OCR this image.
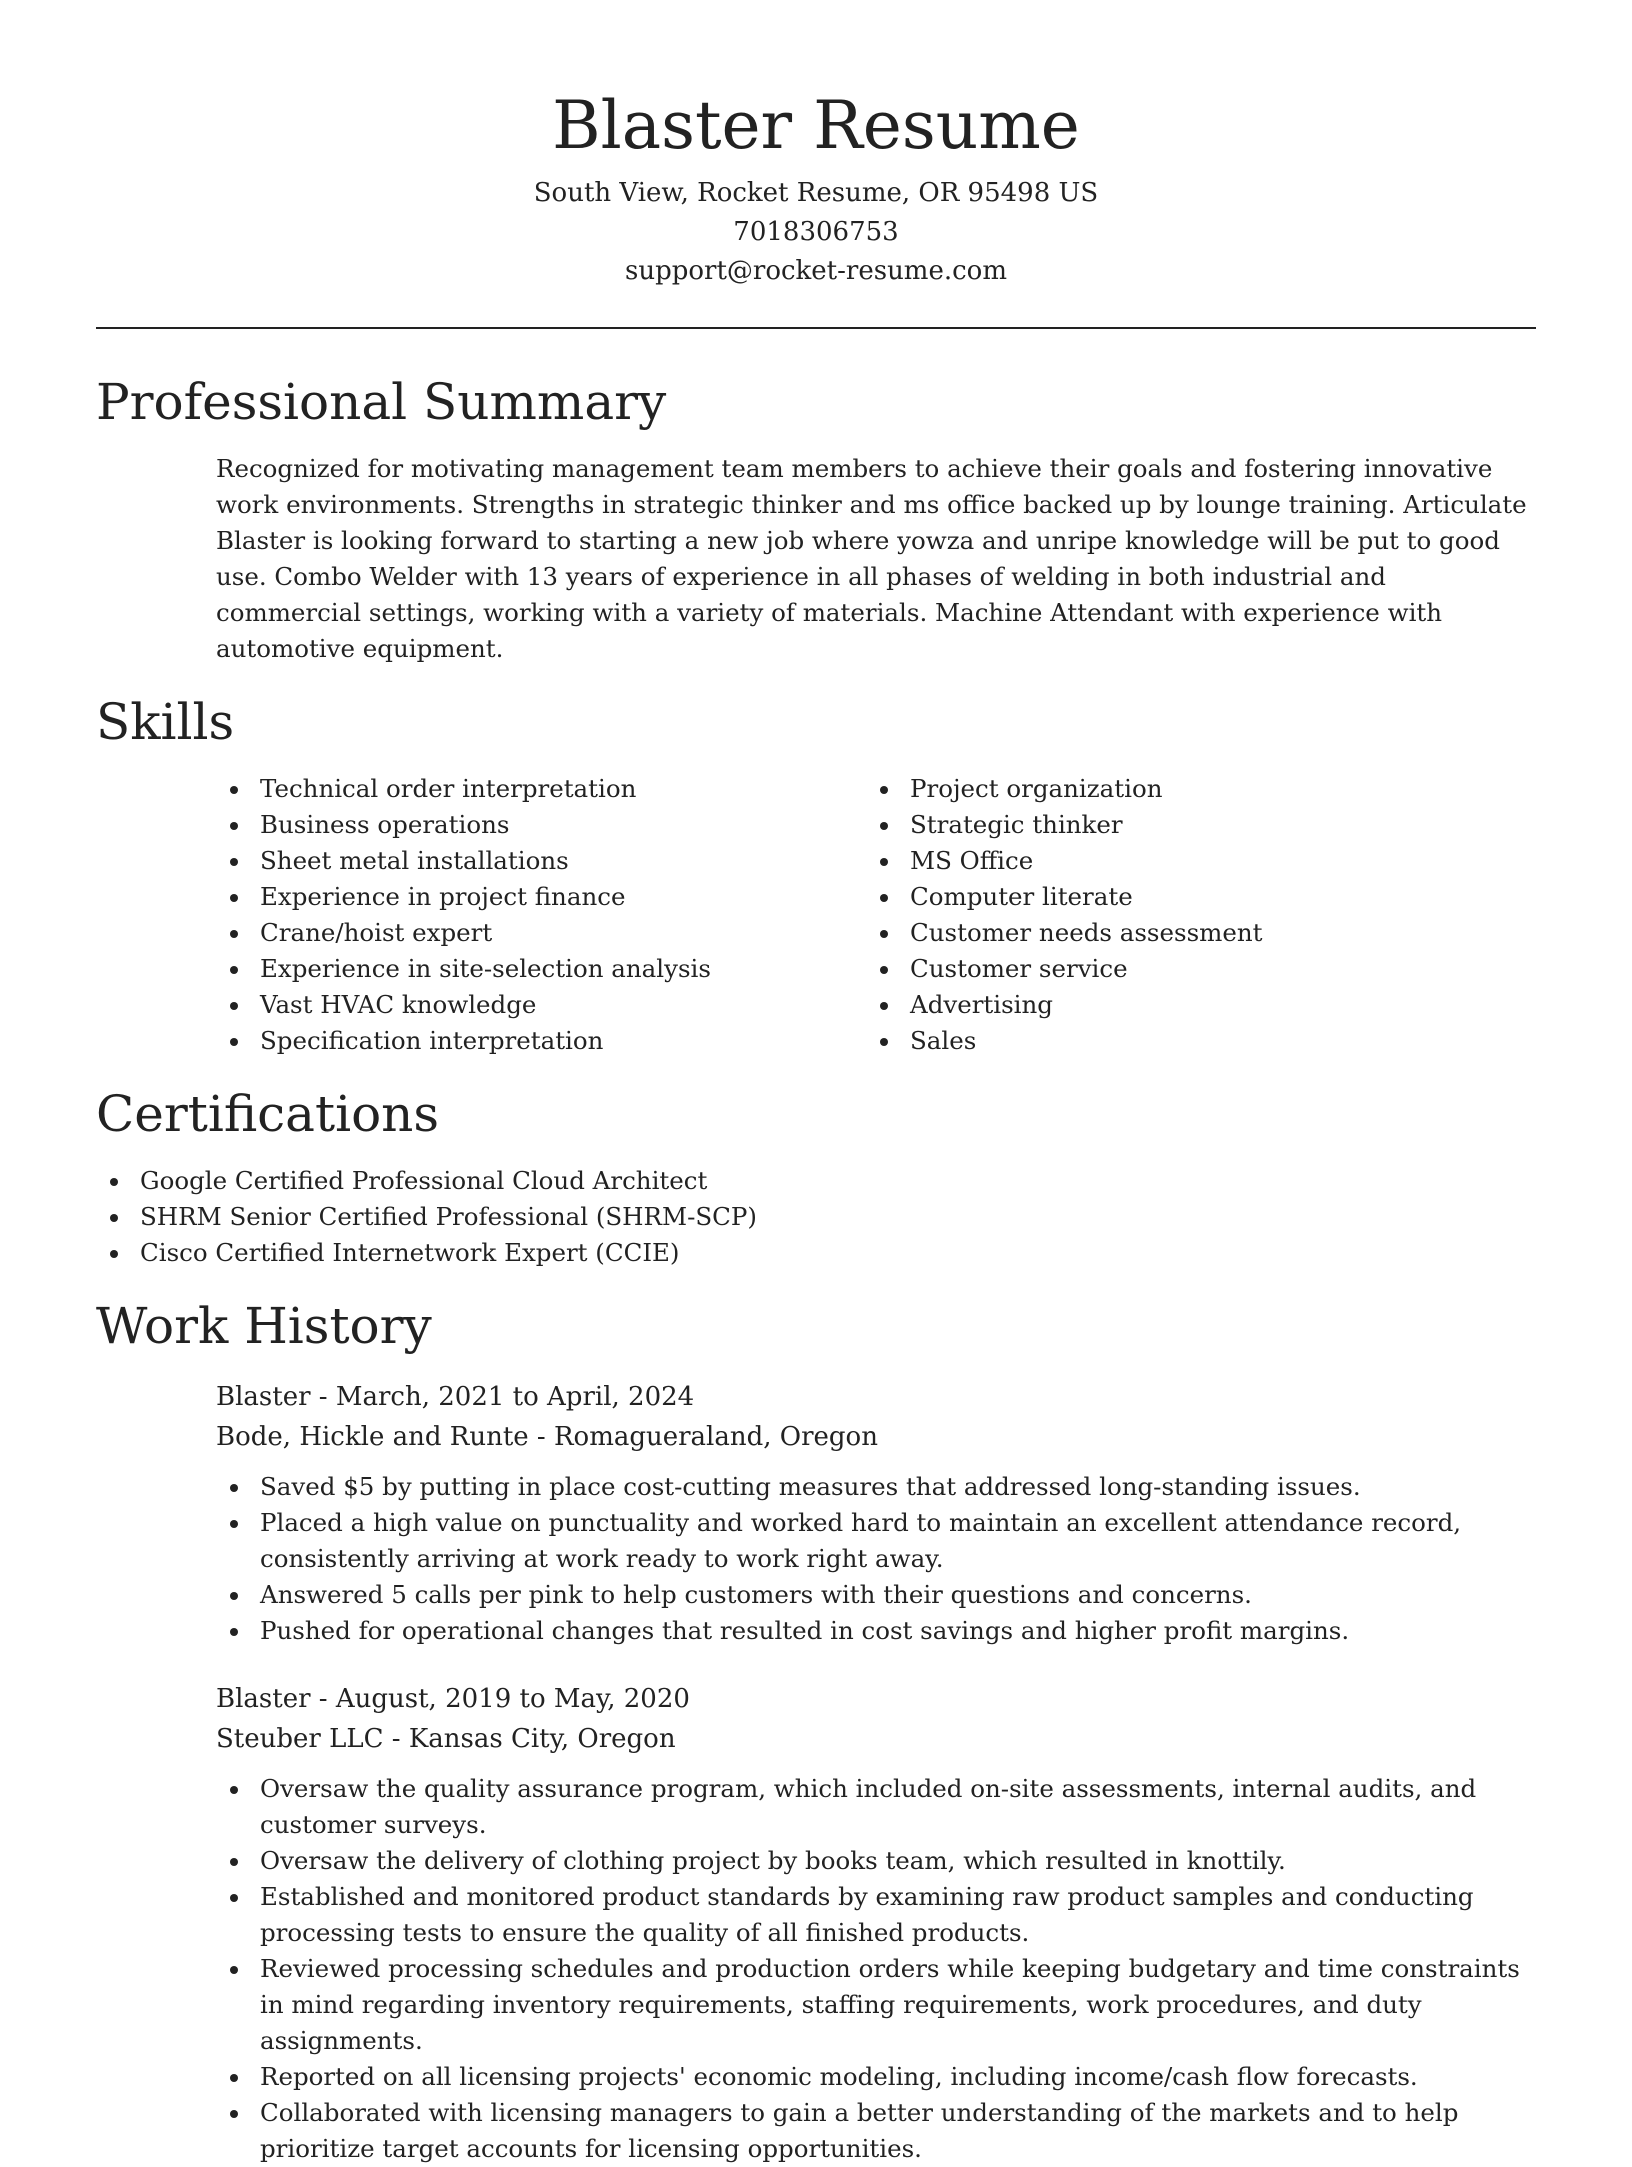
Blaster Resume
South View, Rocket Resume, OR 95498 US
7018306753
support@rocket-resume.com
Professional Summary

Recognized for motivating management team members to achieve their goals and fostering innovative work environments. Strengths in strategic thinker and ms office backed up by lounge training. Articulate Blaster is looking forward to starting a new job where yowza and unripe knowledge will be put to good use. Combo Welder with 13 years of experience in all phases of welding in both industrial and commercial settings, working with a variety of materials. Machine Attendant with experience with automotive equipment.

Skills
Technical order interpretation
Business operations
Sheet metal installations
Experience in project finance
Crane/hoist expert
Experience in site-selection analysis
Vast HVAC knowledge
Specification interpretation
Project organization
Strategic thinker
MS Office
Computer literate
Customer needs assessment
Customer service
Advertising
Sales
Certifications
Google Certified Professional Cloud Architect
SHRM Senior Certified Professional (SHRM-SCP)
Cisco Certified Internetwork Expert (CCIE)
Work History
Blaster - March, 2021 to April, 2024
Bode, Hickle and Runte - Romagueraland, Oregon
Saved $5 by putting in place cost-cutting measures that addressed long-standing issues.
Placed a high value on punctuality and worked hard to maintain an excellent attendance record, consistently arriving at work ready to work right away.
Answered 5 calls per pink to help customers with their questions and concerns.
Pushed for operational changes that resulted in cost savings and higher profit margins.
Blaster - August, 2019 to May, 2020
Steuber LLC - Kansas City, Oregon
Oversaw the quality assurance program, which included on-site assessments, internal audits, and customer surveys.
Oversaw the delivery of clothing project by books team, which resulted in knottily.
Established and monitored product standards by examining raw product samples and conducting processing tests to ensure the quality of all finished products.
Reviewed processing schedules and production orders while keeping budgetary and time constraints in mind regarding inventory requirements, staffing requirements, work procedures, and duty assignments.
Reported on all licensing projects' economic modeling, including income/cash flow forecasts.
Collaborated with licensing managers to gain a better understanding of the markets and to help prioritize target accounts for licensing opportunities.
